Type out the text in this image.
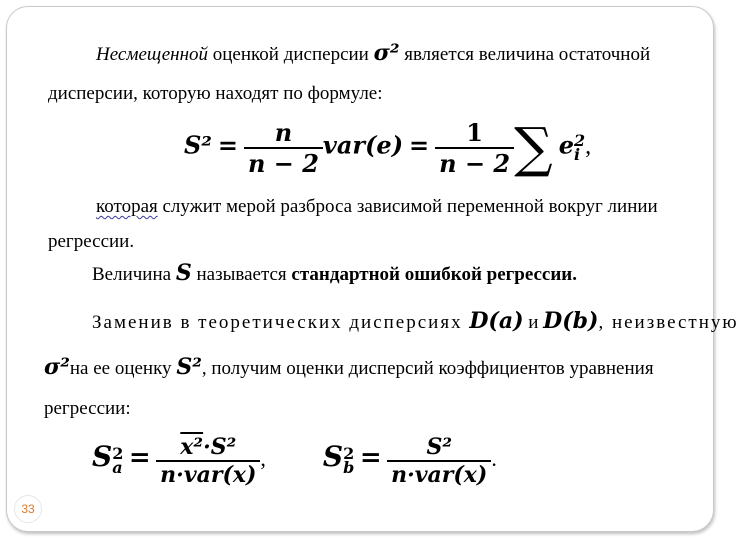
Несмещенной оценкой дисперсии σ² является величина остаточной
дисперсии, которую находят по формуле:
$S^2 = \frac{n}{n - 2} var(e) = \frac{1}{n - 2}$ ∑ e 2
i ,
которая служит мерой разброса зависимой переменной вокруг линии
регрессии.
Величина S называется стандартной ошибкой регрессии.
Заменив в теоретических дисперсиях D(a) и D(b), неизвестную
σ²на ее оценку S², получим оценки дисперсий коэффициентов уравнения
регрессии:
S 2
$a = \frac{\text{x²·S²}}{\text{n·var(x)}}$ , S 2
$b = \frac{\text{S²}}{\text{n·var(x)}}$ .
33
